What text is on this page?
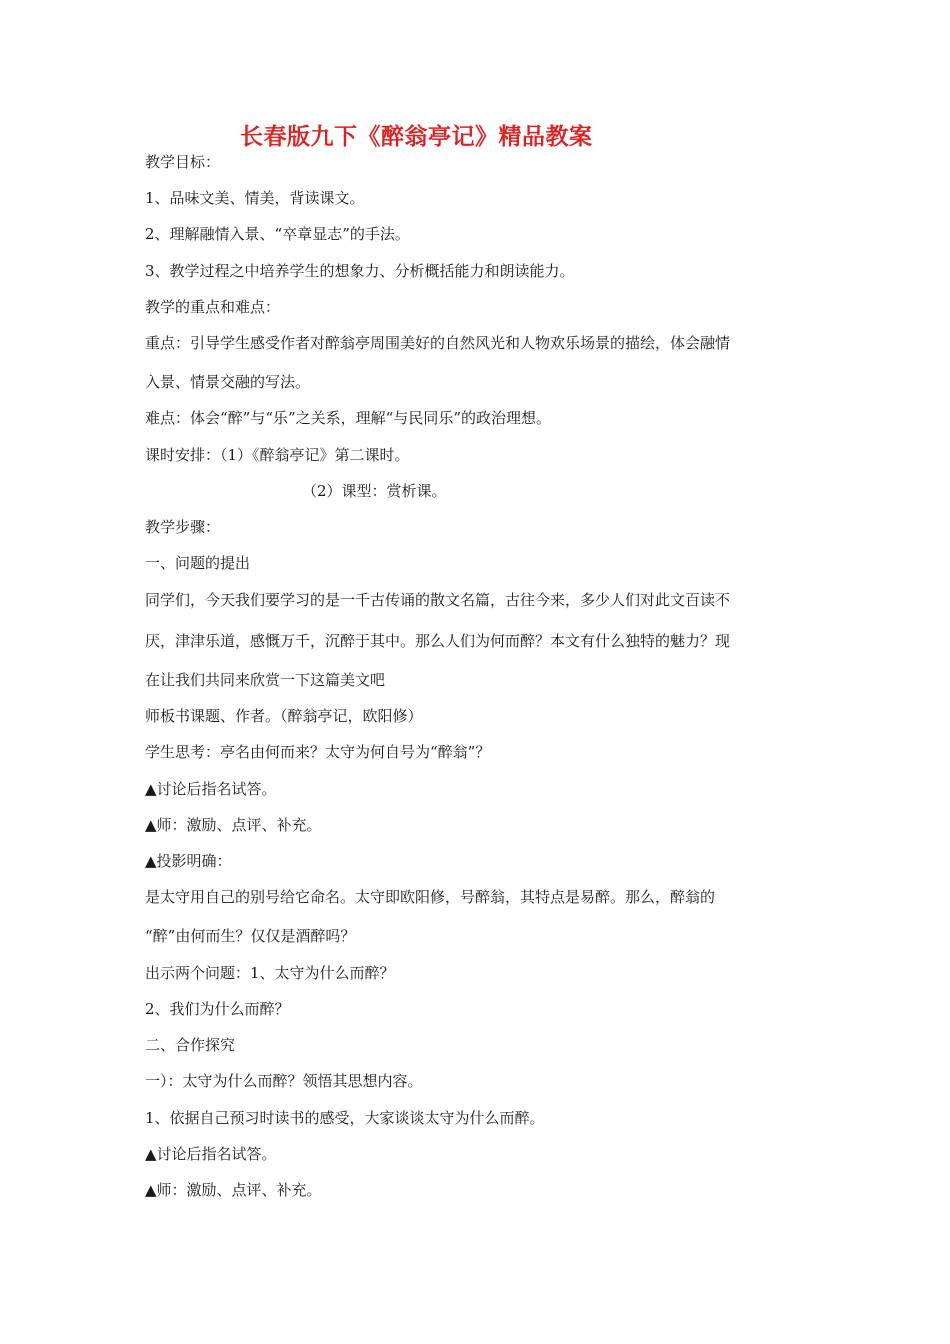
长春版九下《醉翁亭记》精品教案
教学目标：
1、品味文美、情美，背读课文。
2、理解融情入景、“卒章显志”的手法。
3、教学过程之中培养学生的想象力、分析概括能力和朗读能力。
教学的重点和难点：
重点：引导学生感受作者对醉翁亭周围美好的自然风光和人物欢乐场景的描绘，体会融情
入景、情景交融的写法。
难点：体会“醉”与“乐”之关系，理解“与民同乐”的政治理想。
课时安排：（1）《醉翁亭记》第二课时。
（2）课型：赏析课。
教学步骤：
一、问题的提出
同学们，今天我们要学习的是一千古传诵的散文名篇，古往今来，多少人们对此文百读不
厌，津津乐道，感慨万千，沉醉于其中。那么人们为何而醉？本文有什么独特的魅力？现
在让我们共同来欣赏一下这篇美文吧
师板书课题、作者。（醉翁亭记，欧阳修）
学生思考：亭名由何而来？太守为何自号为“醉翁”？
▲讨论后指名试答。
▲师：激励、点评、补充。
▲投影明确：
是太守用自己的别号给它命名。太守即欧阳修，号醉翁，其特点是易醉。那么，醉翁的
“醉”由何而生？仅仅是酒醉吗？
出示两个问题：1、太守为什么而醉？
2、我们为什么而醉？
二、合作探究
一）：太守为什么而醉？领悟其思想内容。
1、依据自己预习时读书的感受，大家谈谈太守为什么而醉。
▲讨论后指名试答。
▲师：激励、点评、补充。
